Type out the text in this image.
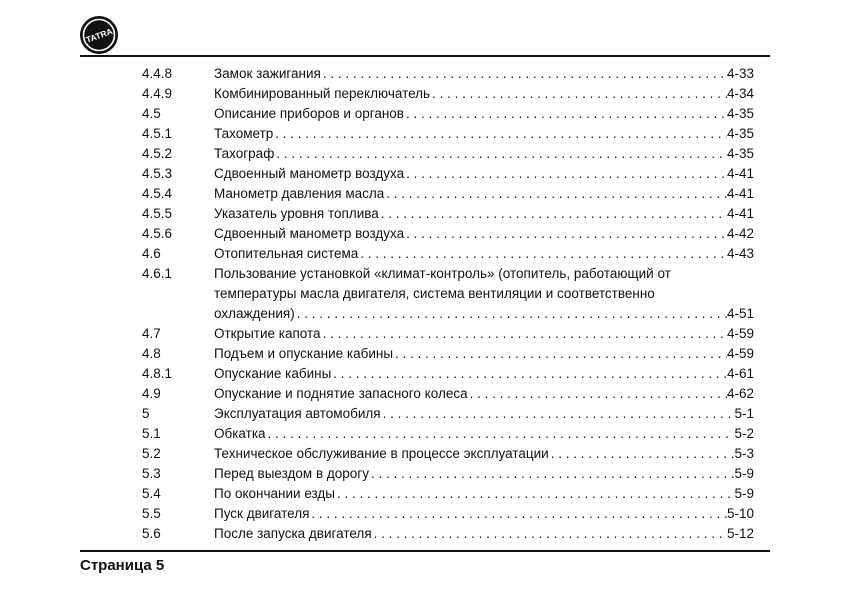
TATRA
4.4.8	Замок зажигания . . .	4-33
4.4.9	Комбинированный переключатель . . .	4-34
4.5	Описание приборов и органов . . .	4-35
4.5.1	Тахометр . . .	4-35
4.5.2	Тахограф . . .	4-35
4.5.3	Сдвоенный манометр воздуха . . .	4-41
4.5.4	Манометр давления масла . . .	4-41
4.5.5	Указатель уровня топлива . . .	4-41
4.5.6	Сдвоенный манометр воздуха . . .	4-42
4.6	Отопительная система . . .	4-43
4.6.1	Пользование установкой «климат-контроль» (отопитель, работающий от
температуры масла двигателя, система вентиляции и соответственно
охлаждения) . . .	4-51
4.7	Открытие капота . . .	4-59
4.8	Подъем и опускание кабины . . .	4-59
4.8.1	Опускание кабины . . .	4-61
4.9	Опускание и поднятие запасного колеса . . .	4-62
5	Эксплуатация автомобиля . . .	5-1
5.1	Обкатка . . .	5-2
5.2	Техническое обслуживание в процессе эксплуатации . . .	5-3
5.3	Перед выездом в дорогу . . .	5-9
5.4	По окончании езды . . .	5-9
5.5	Пуск двигателя . . .	5-10
5.6	После запуска двигателя . . .	5-12
Страница 5
